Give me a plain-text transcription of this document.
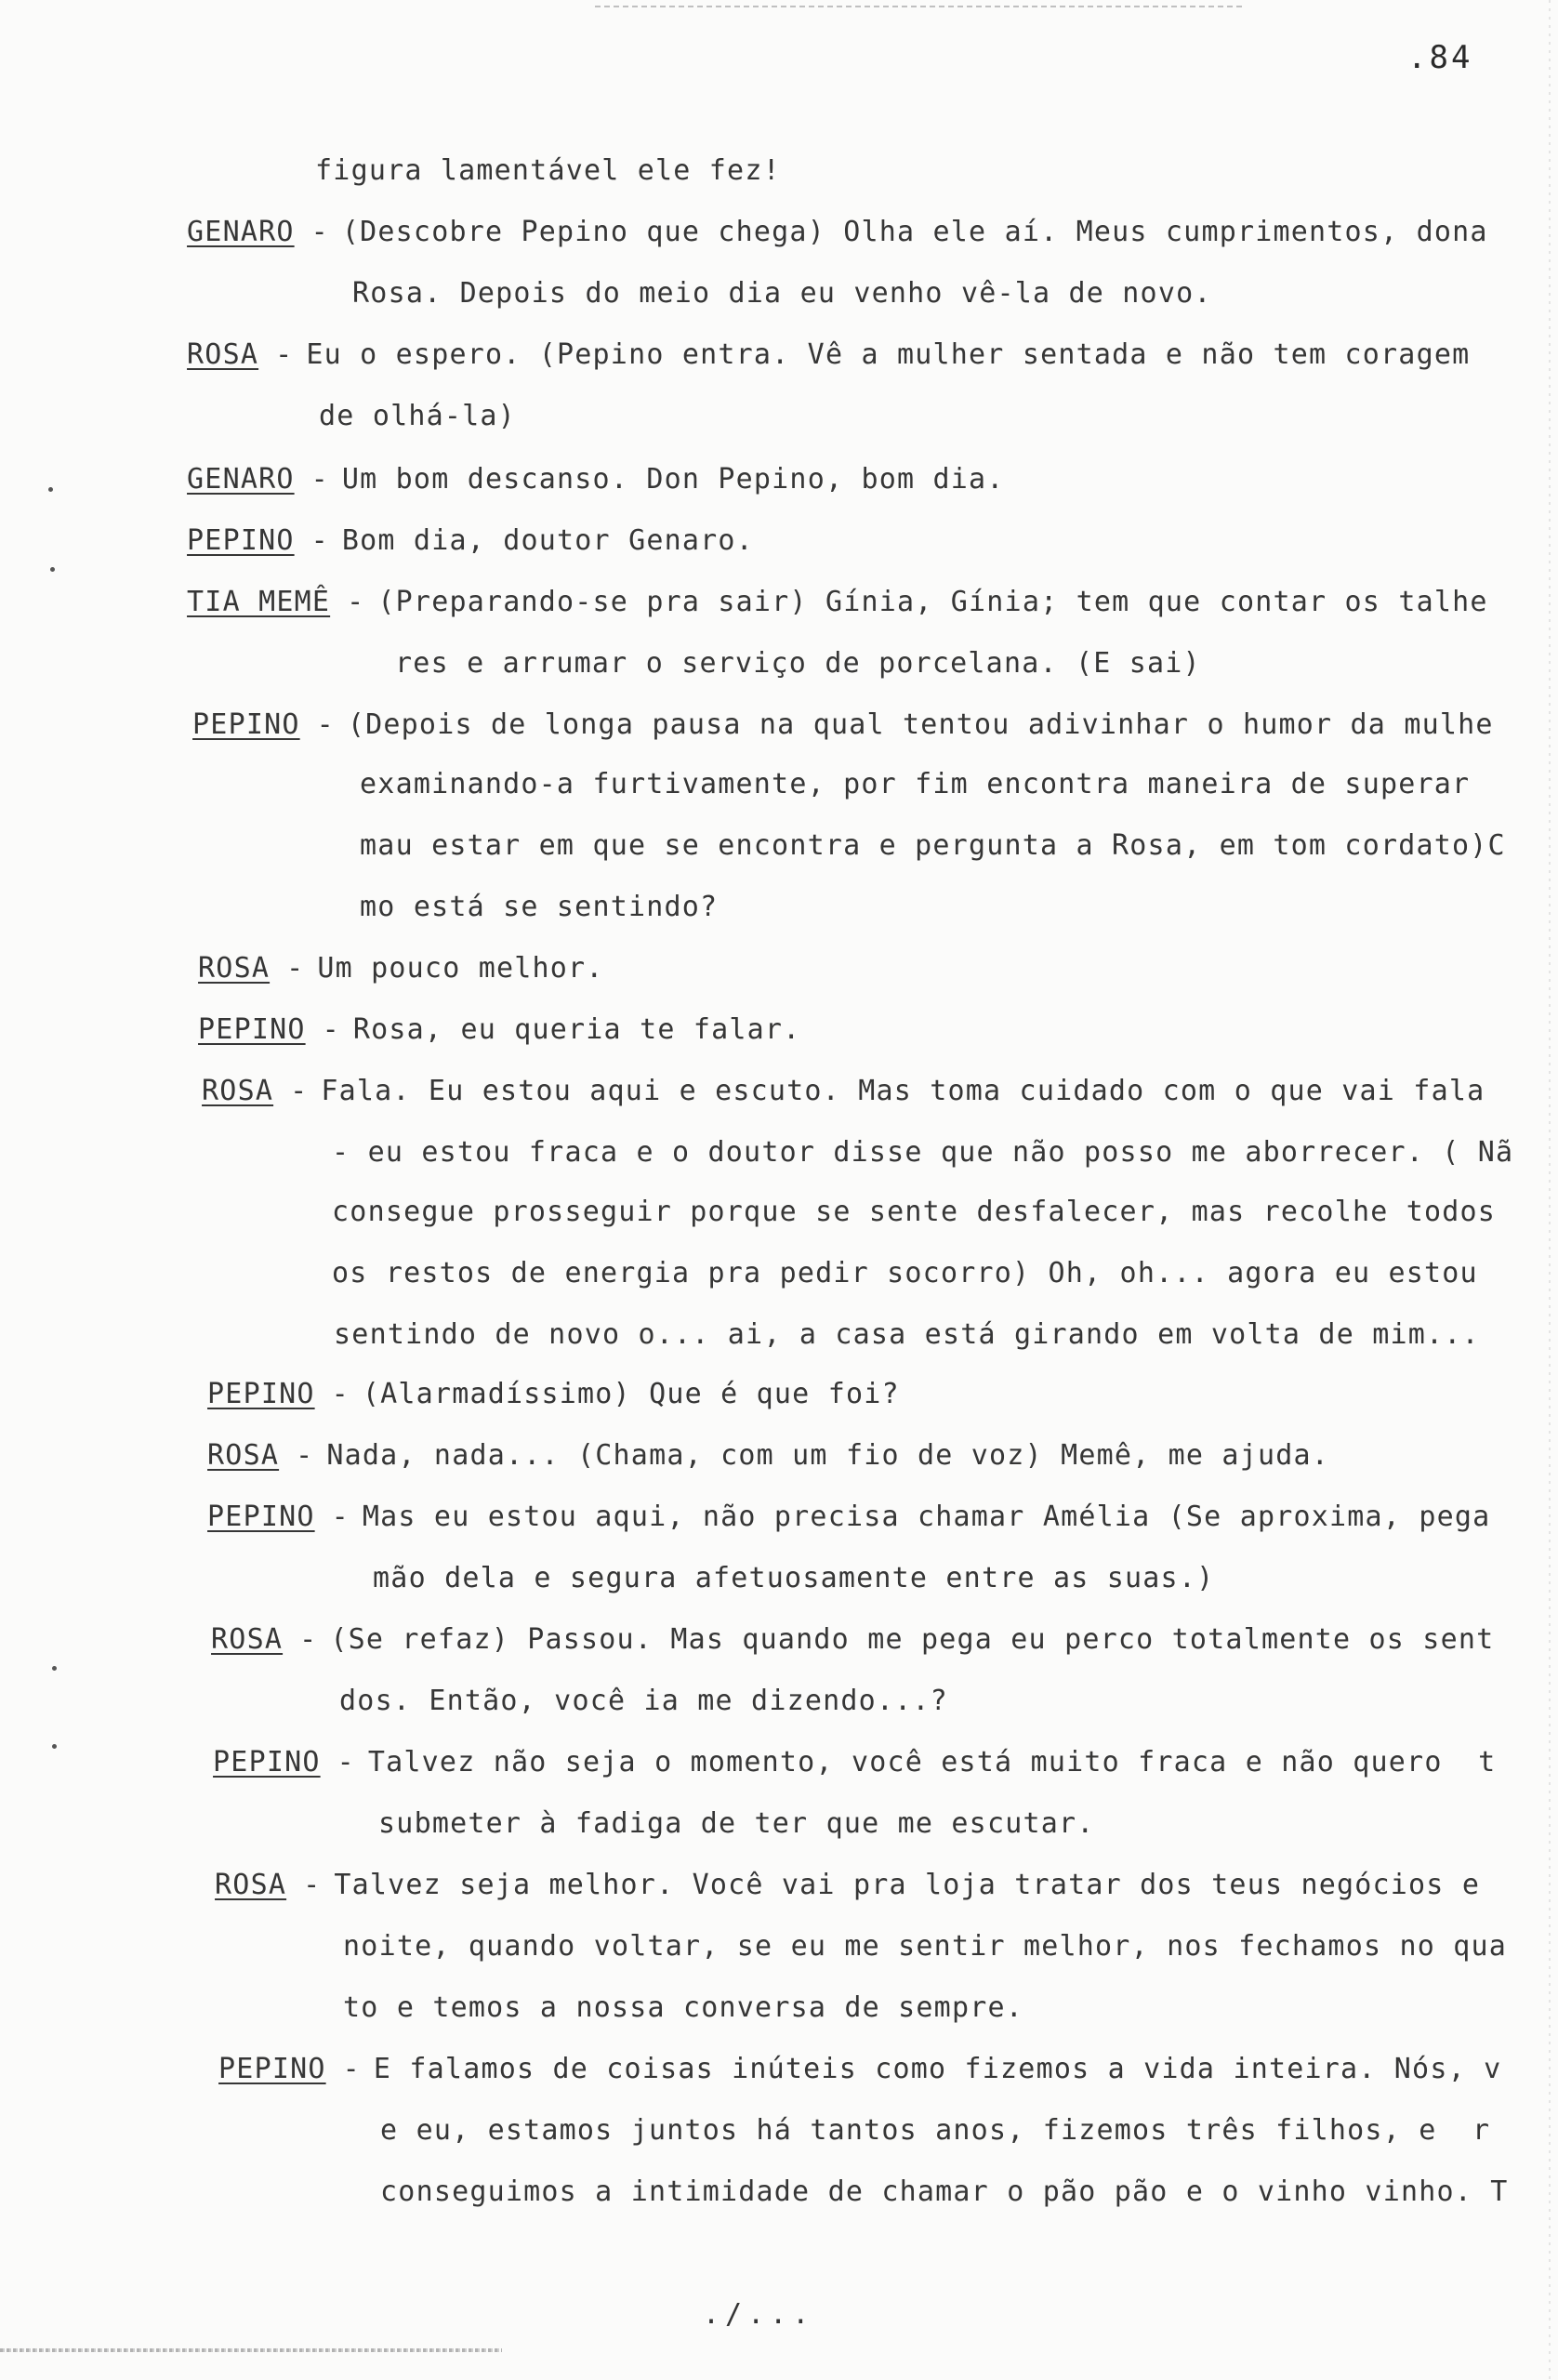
.84

figura lamentável ele fez!

GENARO - (Descobre Pepino que chega) Olha ele aí. Meus cumprimentos, dona

Rosa. Depois do meio dia eu venho vê-la de novo.

ROSA - Eu o espero. (Pepino entra. Vê a mulher sentada e não tem coragem

de olhá-la)

GENARO - Um bom descanso. Don Pepino, bom dia.

PEPINO - Bom dia, doutor Genaro.

TIA MEMÊ - (Preparando-se pra sair) Gínia, Gínia; tem que contar os talhe

res e arrumar o serviço de porcelana. (E sai)

PEPINO - (Depois de longa pausa na qual tentou adivinhar o humor da mulhe

examinando-a furtivamente, por fim encontra maneira de superar

mau estar em que se encontra e pergunta a Rosa, em tom cordato)C

mo está se sentindo?

ROSA - Um pouco melhor.

PEPINO - Rosa, eu queria te falar.

ROSA - Fala. Eu estou aqui e escuto. Mas toma cuidado com o que vai fala

- eu estou fraca e o doutor disse que não posso me aborrecer. ( Nã

consegue prosseguir porque se sente desfalecer, mas recolhe todos

os restos de energia pra pedir socorro) Oh, oh... agora eu estou

sentindo de novo o... ai, a casa está girando em volta de mim...

PEPINO - (Alarmadíssimo) Que é que foi?

ROSA - Nada, nada... (Chama, com um fio de voz) Memê, me ajuda.

PEPINO - Mas eu estou aqui, não precisa chamar Amélia (Se aproxima, pega

mão dela e segura afetuosamente entre as suas.)

ROSA - (Se refaz) Passou. Mas quando me pega eu perco totalmente os sent

dos. Então, você ia me dizendo...?

PEPINO - Talvez não seja o momento, você está muito fraca e não quero  t

submeter à fadiga de ter que me escutar.

ROSA - Talvez seja melhor. Você vai pra loja tratar dos teus negócios e

noite, quando voltar, se eu me sentir melhor, nos fechamos no qua

to e temos a nossa conversa de sempre.

PEPINO - E falamos de coisas inúteis como fizemos a vida inteira. Nós, v

e eu, estamos juntos há tantos anos, fizemos três filhos, e  r

conseguimos a intimidade de chamar o pão pão e o vinho vinho. T

./...
